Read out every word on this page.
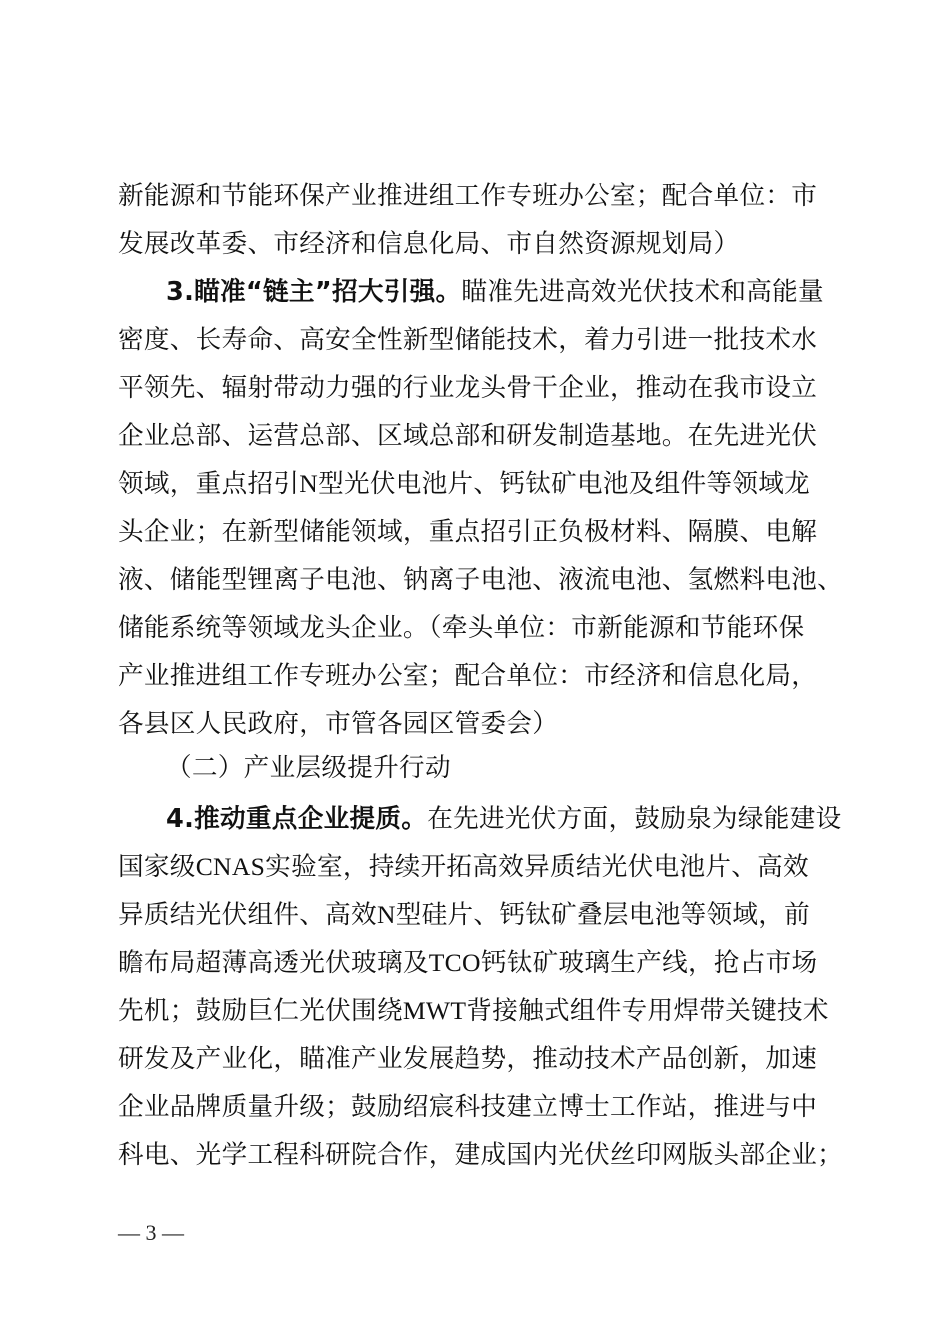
新能源和节能环保产业推进组工作专班办公室；配合单位：市
发展改革委、市经济和信息化局、市自然资源规划局）
3.瞄准“链主”招大引强。瞄准先进高效光伏技术和高能量
密度、长寿命、高安全性新型储能技术，着力引进一批技术水
平领先、辐射带动力强的行业龙头骨干企业，推动在我市设立
企业总部、运营总部、区域总部和研发制造基地。在先进光伏
领域，重点招引N型光伏电池片、钙钛矿电池及组件等领域龙
头企业；在新型储能领域，重点招引正负极材料、隔膜、电解
液、储能型锂离子电池、钠离子电池、液流电池、氢燃料电池、
储能系统等领域龙头企业。（牵头单位：市新能源和节能环保
产业推进组工作专班办公室；配合单位：市经济和信息化局，
各县区人民政府，市管各园区管委会）
（二）产业层级提升行动
4.推动重点企业提质。在先进光伏方面，鼓励泉为绿能建设
国家级CNAS实验室，持续开拓高效异质结光伏电池片、高效
异质结光伏组件、高效N型硅片、钙钛矿叠层电池等领域，前
瞻布局超薄高透光伏玻璃及TCO钙钛矿玻璃生产线，抢占市场
先机；鼓励巨仁光伏围绕MWT背接触式组件专用焊带关键技术
研发及产业化，瞄准产业发展趋势，推动技术产品创新，加速
企业品牌质量升级；鼓励绍宸科技建立博士工作站，推进与中
科电、光学工程科研院合作，建成国内光伏丝印网版头部企业；
— 3 —
